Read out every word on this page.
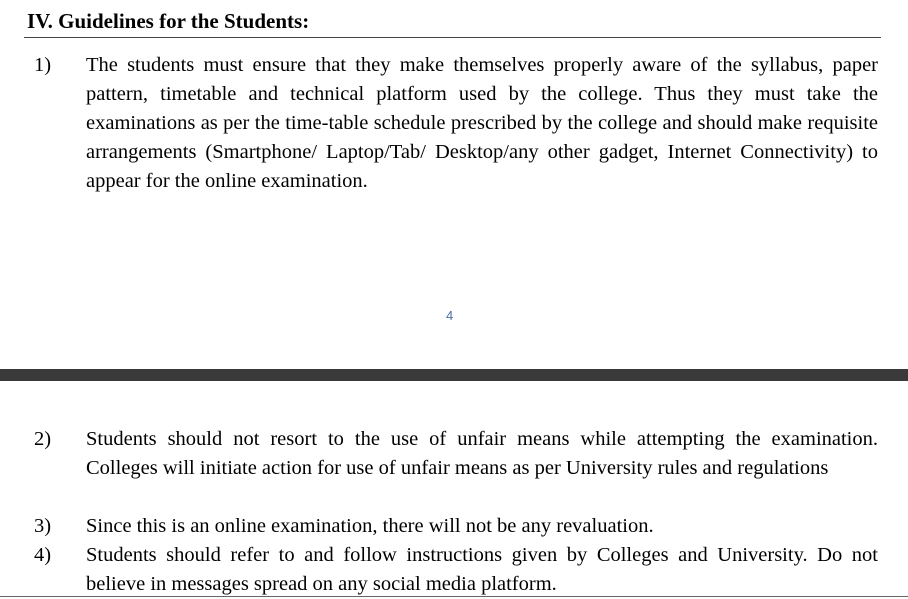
IV. Guidelines for the Students:
1)	The students must ensure that they make themselves properly aware of the syllabus, paper pattern, timetable and technical platform used by the college. Thus they must take the examinations as per the time-table schedule prescribed by the college and should make requisite arrangements (Smartphone/ Laptop/Tab/ Desktop/any other gadget, Internet Connectivity) to appear for the online examination.
4
2)	Students should not resort to the use of unfair means while attempting the examination. Colleges will initiate action for use of unfair means as per University rules and regulations
3)	Since this is an online examination, there will not be any revaluation.
4)	Students should refer to and follow instructions given by Colleges and University. Do not believe in messages spread on any social media platform.
